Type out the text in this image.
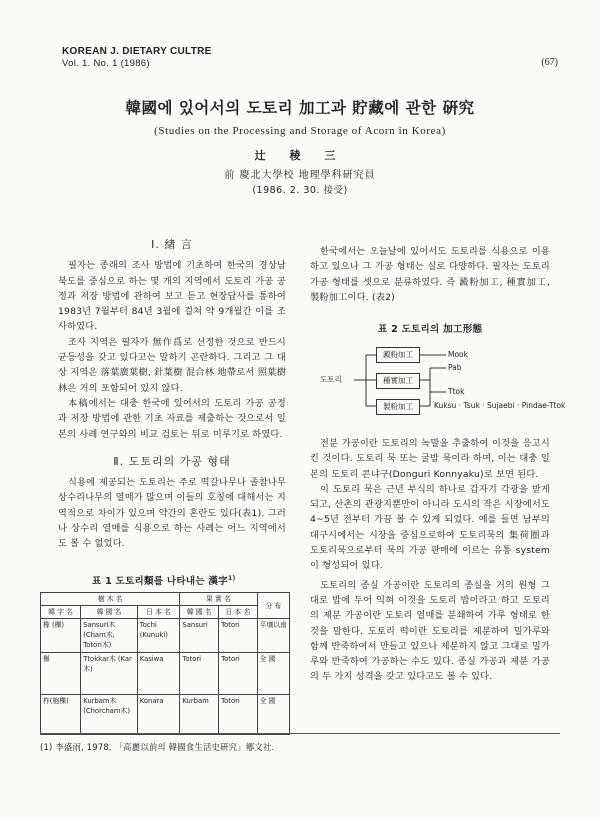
KOREAN J. DIETARY CULTRE
Vol. 1. No. 1 (1986)	(67)
韓國에 있어서의 도토리 加工과 貯藏에 관한 硏究
(Studies on the Processing and Storage of Acorn in Korea)
辻 稜 三
前 慶北大學校 地理學科硏究員
(1986. 2. 30. 接受)
Ⅰ. 緖 言

필자는 종래의 조사 방법에 기초하여 한국의 경상남북도를 중심으로 하는 몇 개의 지역에서 도토리 가공 공정과 저장 방법에 관하여 보고 듣고 현장답사를 통하여 1983년 7월부터 84년 3월에 걸쳐 약 9개월간 이를 조사하였다.

조사 지역은 필자가 無作爲로 선정한 것으로 반드시 균등성을 갖고 있다고는 말하기 곤란하다. 그리고 그 대상 지역은 落葉廣葉樹, 針葉樹 混合林 地帶로서 照葉樹林은 거의 포함되어 있지 않다.

本稿에서는 대충 한국에 있어서의 도토리 가공 공정과 저장 방법에 관한 기초 자료를 제출하는 것으로서 일본의 사례 연구와의 비교 검토는 뒤로 미루기로 하였다.

Ⅱ. 도토리의 가공 형태

식용에 제공되는 도토리는 주로 떡갈나무나 졸참나무 상수리나무의 열매가 많으며 이들의 호칭에 대해서는 지역적으로 차이가 있으며 약간의 혼란도 있다(表1). 그러나 상수리 열매를 식용으로 하는 사례는 어느 지역에서도 볼 수 없었다.

표 1 도토리類를 나타내는 漢字$^{1)}$
樹 木 名			果 實 名		分 布
韓 字 名	韓 國 名	日 本 名	韓 國 名	日 本 名	
橡 (櫟)	Sansuri木(Cham木, Totori木)	Tochi (Kunuki)	Sansuri	Totori	平壤以南
槲	Ttokkar木 (Kar木)	Kasiwa	Totori	Totori	全 國
柞(枹櫟)	Kurbam木(Chorcham木)	Konara	Kurbam	Totori	全 國

한국에서는 오늘날에 있어서도 도토리를 식용으로 이용하고 있으나 그 가공 형태는 실로 다양하다. 필자는 도토리 가공 형태를 셋으로 분류하였다. 즉 澱粉加工, 種實加工, 製粉加工이다. (表2)

표 2 도토리의 加工形態
도토리
澱粉加工
種實加工
製粉加工
Mook
Pab
Ttok
Kuksu · Tsuk · Sujaebi · Pindae-Ttok

전분 가공이란 도토리의 녹말을 추출하여 이것을 응고시킨 것이다. 도토리 묵 또는 굴밤 묵이라 하며, 이는 대충 일본의 도토리 콘냐구(Donguri Konnyaku)로 보면 된다.

이 도토리 묵은 근년 부식의 하나로 갑자기 각광을 받게 되고, 산촌의 관광지뿐만이 아니라 도시의 작은 시장에서도 4~5년 전부터 가끔 볼 수 있게 되었다. 예를 들면 남부의 대구시에서는 시장을 중심으로하여 도토리묵의 集荷圈과 도토리묵으로부터 묵의 가공 판매에 이르는 유통 system이 형성되어 있다.

도토리의 종실 가공이란 도토리의 종실을 거의 원형 그대로 밥에 두어 익혀 이것을 도토리 밥이라고 하고 도토리의 제분 가공이란 도토리 열매를 분쇄하여 가루 형태로 한 것을 말한다. 도토리 떡이란 도토리를 제분하여 밀가루와 함께 반죽하여서 만들고 있으나 제분하지 않고 그대로 밀가루와 반죽하여 가공하는 수도 있다. 종실 가공과 제분 가공의 두 가지 성격을 갖고 있다고도 볼 수 있다.

(1) 李盛雨, 1978, 「高麗以前의 韓國食生活史硏究」鄕文社.
